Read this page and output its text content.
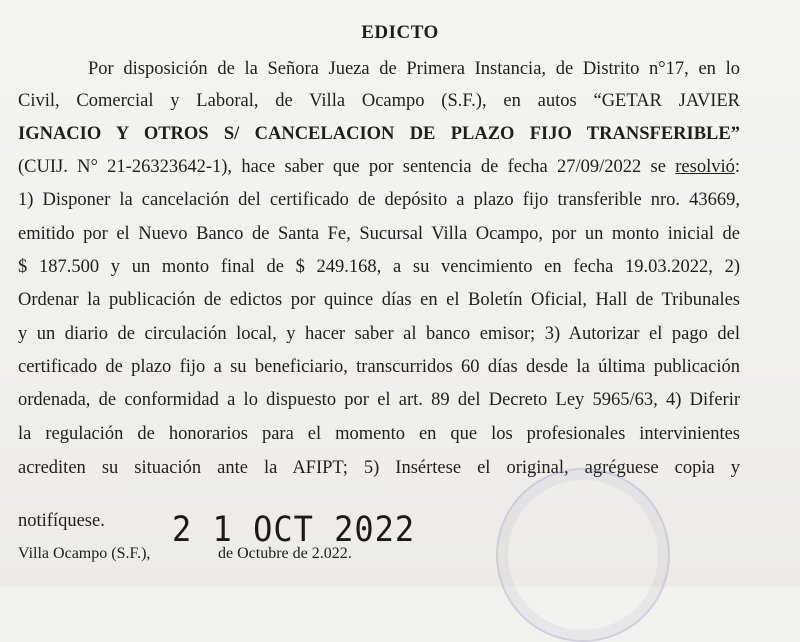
EDICTO
Por disposición de la Señora Jueza de Primera Instancia, de Distrito n°17, en lo
Civil, Comercial y Laboral, de Villa Ocampo (S.F.), en autos “GETAR JAVIER
IGNACIO Y OTROS S/ CANCELACION DE PLAZO FIJO TRANSFERIBLE”
(CUIJ. N° 21-26323642-1), hace saber que por sentencia de fecha 27/09/2022 se resolvió:
1) Disponer la cancelación del certificado de depósito a plazo fijo transferible nro. 43669,
emitido por el Nuevo Banco de Santa Fe, Sucursal Villa Ocampo, por un monto inicial de
$ 187.500 y un monto final de $ 249.168, a su vencimiento en fecha 19.03.2022, 2)
Ordenar la publicación de edictos por quince días en el Boletín Oficial, Hall de Tribunales
y un diario de circulación local, y hacer saber al banco emisor; 3) Autorizar el pago del
certificado de plazo fijo a su beneficiario, transcurridos 60 días desde la última publicación
ordenada, de conformidad a lo dispuesto por el art. 89 del Decreto Ley 5965/63, 4) Diferir
la regulación de honorarios para el momento en que los profesionales intervinientes
acrediten su situación ante la AFIPT; 5) Insértese el original, agréguese copia y
notifíquese.
Villa Ocampo (S.F.),
2 1 OCT 2022
de Octubre de 2.022.
